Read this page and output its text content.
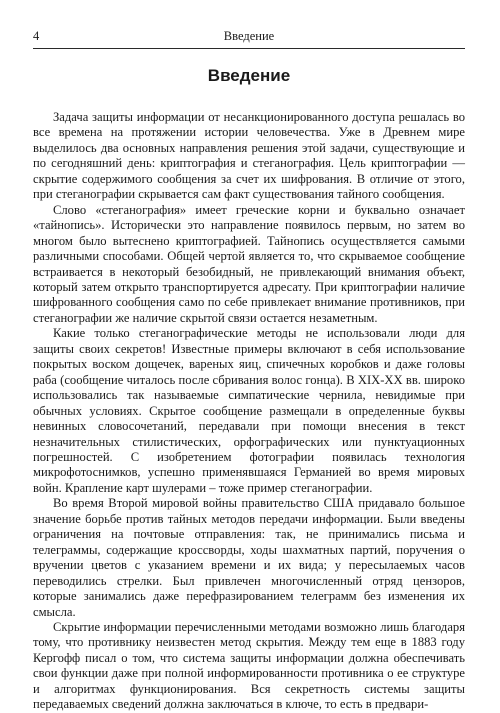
4	Введение
Введение

Задача защиты информации от несанкционированного доступа решалась во все времена на протяжении истории человечества. Уже в Древнем мире выделилось два основных направления решения этой задачи, существующие и по сегодняшний день: криптография и стеганография. Цель криптографии — скрытие содержимого сообщения за счет их шифрования. В отличие от этого, при стеганографии скрывается сам факт существования тайного сообщения.

Слово «стеганография» имеет греческие корни и буквально означает «тайнопись». Исторически это направление появилось первым, но затем во многом было вытеснено криптографией. Тайнопись осуществляется самыми различными способами. Общей чертой является то, что скрываемое сообщение встраивается в некоторый безобидный, не привлекающий внимания объект, который затем открыто транспортируется адресату. При криптографии наличие шифрованного сообщения само по себе привлекает внимание противников, при стеганографии же наличие скрытой связи остается незаметным.

Какие только стеганографические методы не использовали люди для защиты своих секретов! Известные примеры включают в себя использование покрытых воском дощечек, вареных яиц, спичечных коробков и даже головы раба (сообщение читалось после сбривания волос гонца). В XIX-XX вв. широко использовались так называемые симпатические чернила, невидимые при обычных условиях. Скрытое сообщение размещали в определенные буквы невинных словосочетаний, передавали при помощи внесения в текст незначительных стилистических, орфографических или пунктуационных погрешностей. С изобретением фотографии появилась технология микрофотоснимков, успешно применявшаяся Германией во время мировых войн. Крапление карт шулерами – тоже пример стеганографии.

Во время Второй мировой войны правительство США придавало большое значение борьбе против тайных методов передачи информации. Были введены ограничения на почтовые отправления: так, не принимались письма и телеграммы, содержащие кроссворды, ходы шахматных партий, поручения о вручении цветов с указанием времени и их вида; у пересылаемых часов переводились стрелки. Был привлечен многочисленный отряд цензоров, которые занимались даже перефразированием телеграмм без изменения их смысла.

Скрытие информации перечисленными методами возможно лишь благодаря тому, что противнику неизвестен метод скрытия. Между тем еще в 1883 году Кергофф писал о том, что система защиты информации должна обеспечивать свои функции даже при полной информированности противника о ее структуре и алгоритмах функционирования. Вся секретность системы защиты передаваемых сведений должна заключаться в ключе, то есть в предвари-
